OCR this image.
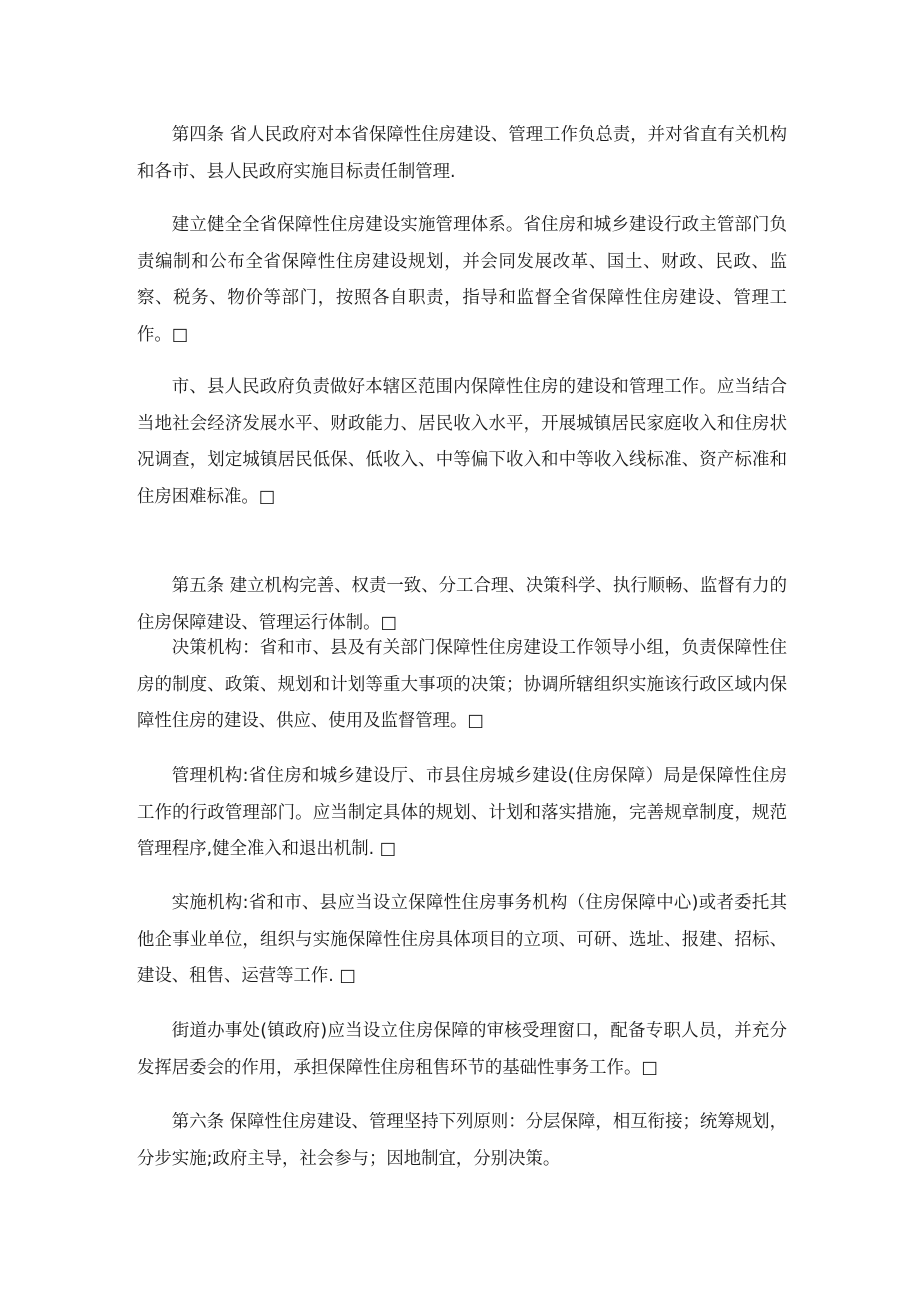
第四条 省人民政府对本省保障性住房建设、管理工作负总责，并对省直有关机构和各市、县人民政府实施目标责任制管理.

建立健全全省保障性住房建设实施管理体系。省住房和城乡建设行政主管部门负责编制和公布全省保障性住房建设规划，并会同发展改革、国土、财政、民政、监察、税务、物价等部门，按照各自职责，指导和监督全省保障性住房建设、管理工作。□

市、县人民政府负责做好本辖区范围内保障性住房的建设和管理工作。应当结合当地社会经济发展水平、财政能力、居民收入水平，开展城镇居民家庭收入和住房状况调查，划定城镇居民低保、低收入、中等偏下收入和中等收入线标准、资产标准和住房困难标准。□

第五条 建立机构完善、权责一致、分工合理、决策科学、执行顺畅、监督有力的住房保障建设、管理运行体制。□

决策机构：省和市、县及有关部门保障性住房建设工作领导小组，负责保障性住房的制度、政策、规划和计划等重大事项的决策；协调所辖组织实施该行政区域内保障性住房的建设、供应、使用及监督管理。□

管理机构:省住房和城乡建设厅、市县住房城乡建设(住房保障）局是保障性住房工作的行政管理部门。应当制定具体的规划、计划和落实措施，完善规章制度，规范管理程序,健全准入和退出机制. □

实施机构:省和市、县应当设立保障性住房事务机构（住房保障中心)或者委托其他企事业单位，组织与实施保障性住房具体项目的立项、可研、选址、报建、招标、建设、租售、运营等工作. □

街道办事处(镇政府)应当设立住房保障的审核受理窗口，配备专职人员，并充分发挥居委会的作用，承担保障性住房租售环节的基础性事务工作。□

第六条 保障性住房建设、管理坚持下列原则：分层保障，相互衔接；统筹规划，分步实施;政府主导，社会参与；因地制宜，分别决策。
